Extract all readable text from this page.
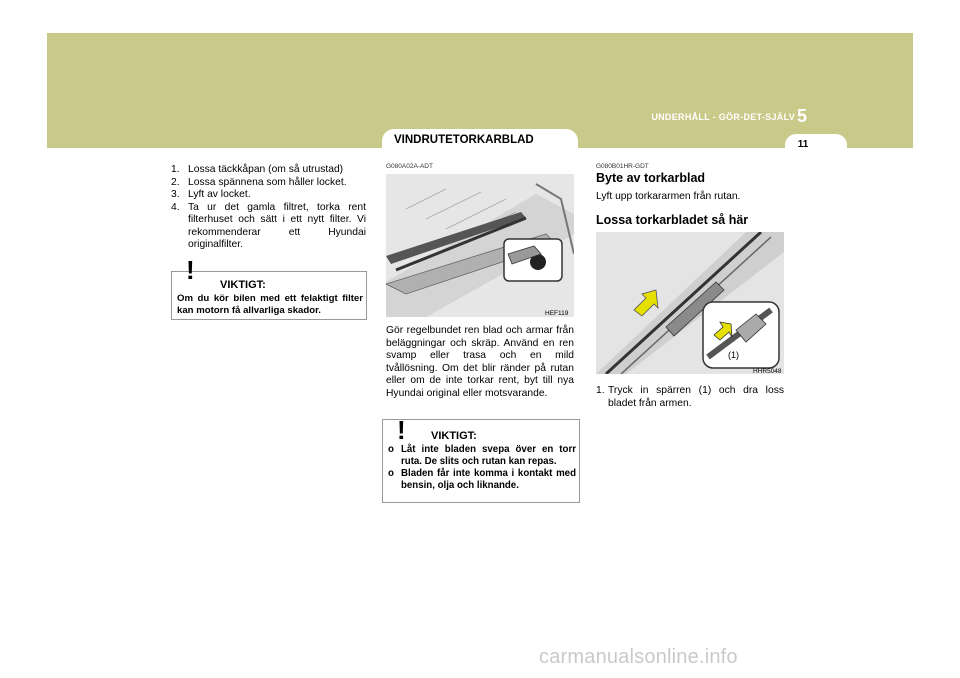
UNDERHÅLL - GÖR-DET-SJÄLV 5
11
VINDRUTETORKARBLAD
1. Lossa täckkåpan (om så utrustad)
2. Lossa spännena som håller locket.
3. Lyft av locket.
4. Ta ur det gamla filtret, torka rent filterhuset och sätt i ett nytt filter. Vi rekommenderar ett Hyundai originalfilter.
! VIKTIGT:
Om du kör bilen med ett felaktigt filter kan motorn få allvarliga skador.
G080A02A-ADT
HEF119
Gör regelbundet ren blad och armar från beläggningar och skräp. Använd en ren svamp eller trasa och en mild tvållösning. Om det blir ränder på rutan eller om de inte torkar rent, byt till nya Hyundai original eller motsvarande.
! VIKTIGT:
o Låt inte bladen svepa över en torr ruta. De slits och rutan kan repas.
o Bladen får inte komma i kontakt med bensin, olja och liknande.
G080B01HR-GDT
Byte av torkarblad
Lyft upp torkararmen från rutan.
Lossa torkarbladet så här
(1)
HHR5048
1. Tryck in spärren (1) och dra loss bladet från armen.
carmanualsonline.info
